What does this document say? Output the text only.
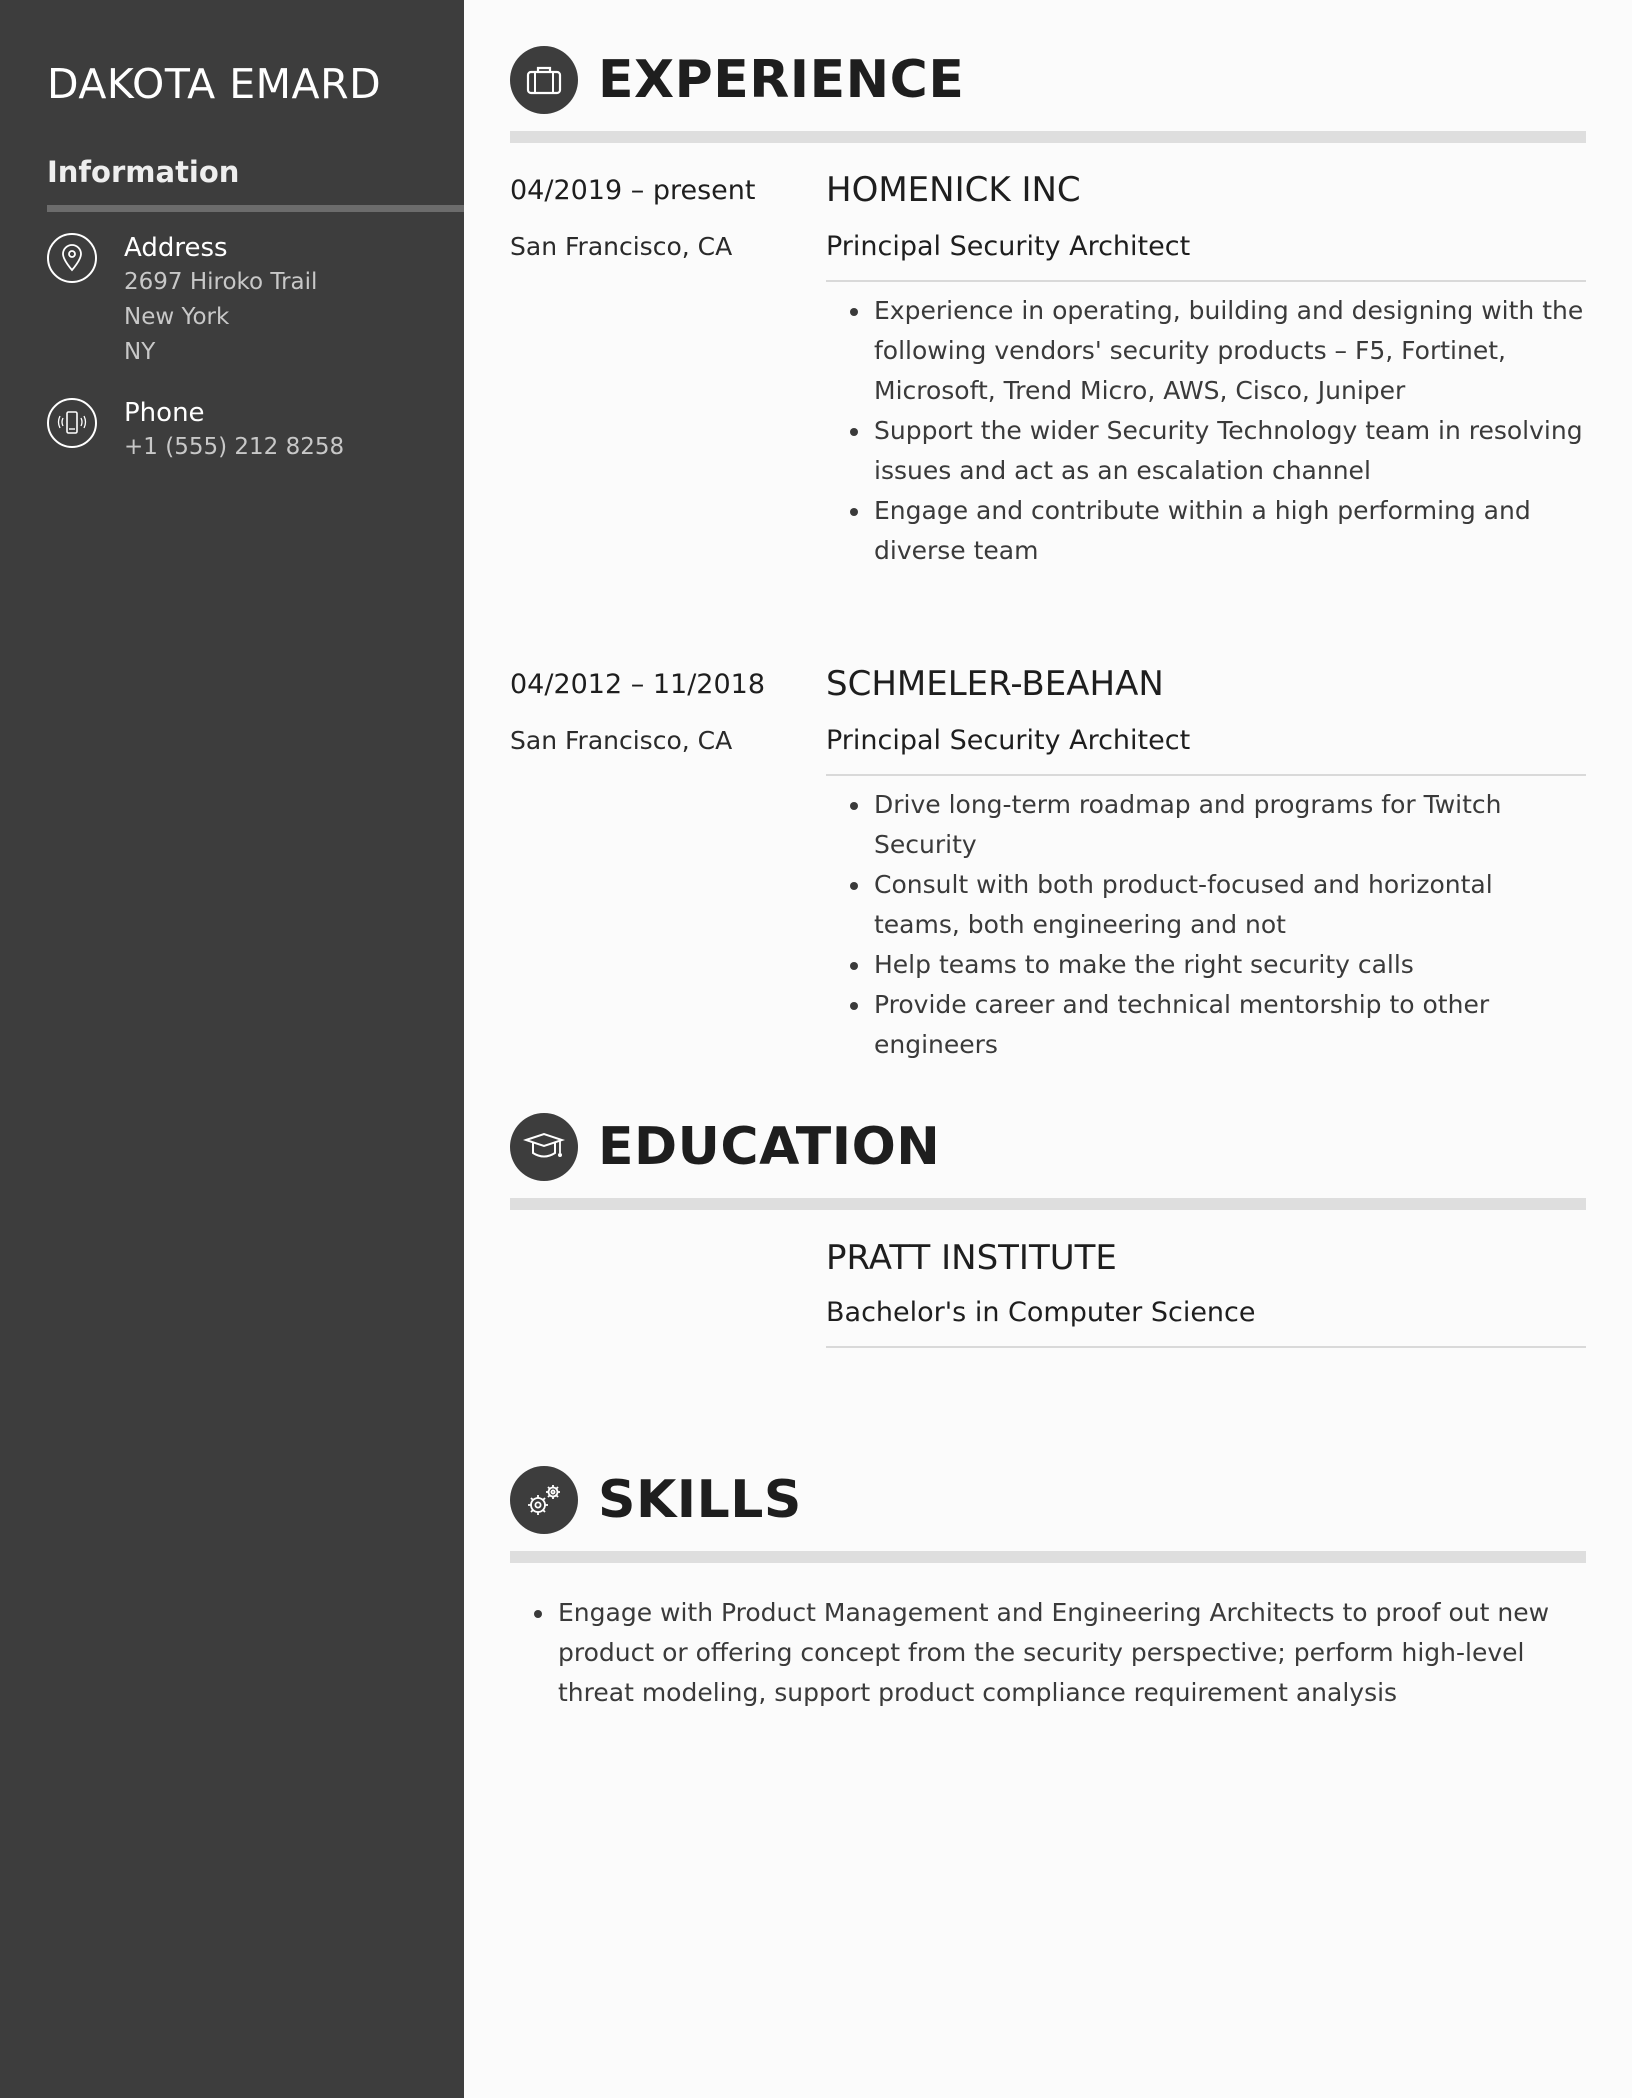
DAKOTA EMARD
Information
Address
2697 Hiroko Trail
New York
NY
Phone
+1 (555) 212 8258
EXPERIENCE
04/2019 – present
San Francisco, CA
HOMENICK INC
Principal Security Architect
Experience in operating, building and designing with the following vendors' security products – F5, Fortinet, Microsoft, Trend Micro, AWS, Cisco, Juniper
Support the wider Security Technology team in resolving issues and act as an escalation channel
Engage and contribute within a high performing and diverse team
04/2012 – 11/2018
San Francisco, CA
SCHMELER-BEAHAN
Principal Security Architect
Drive long-term roadmap and programs for Twitch Security
Consult with both product-focused and horizontal teams, both engineering and not
Help teams to make the right security calls
Provide career and technical mentorship to other engineers
EDUCATION
PRATT INSTITUTE
Bachelor's in Computer Science
SKILLS
Engage with Product Management and Engineering Architects to proof out new product or offering concept from the security perspective; perform high-level threat modeling, support product compliance requirement analysis
